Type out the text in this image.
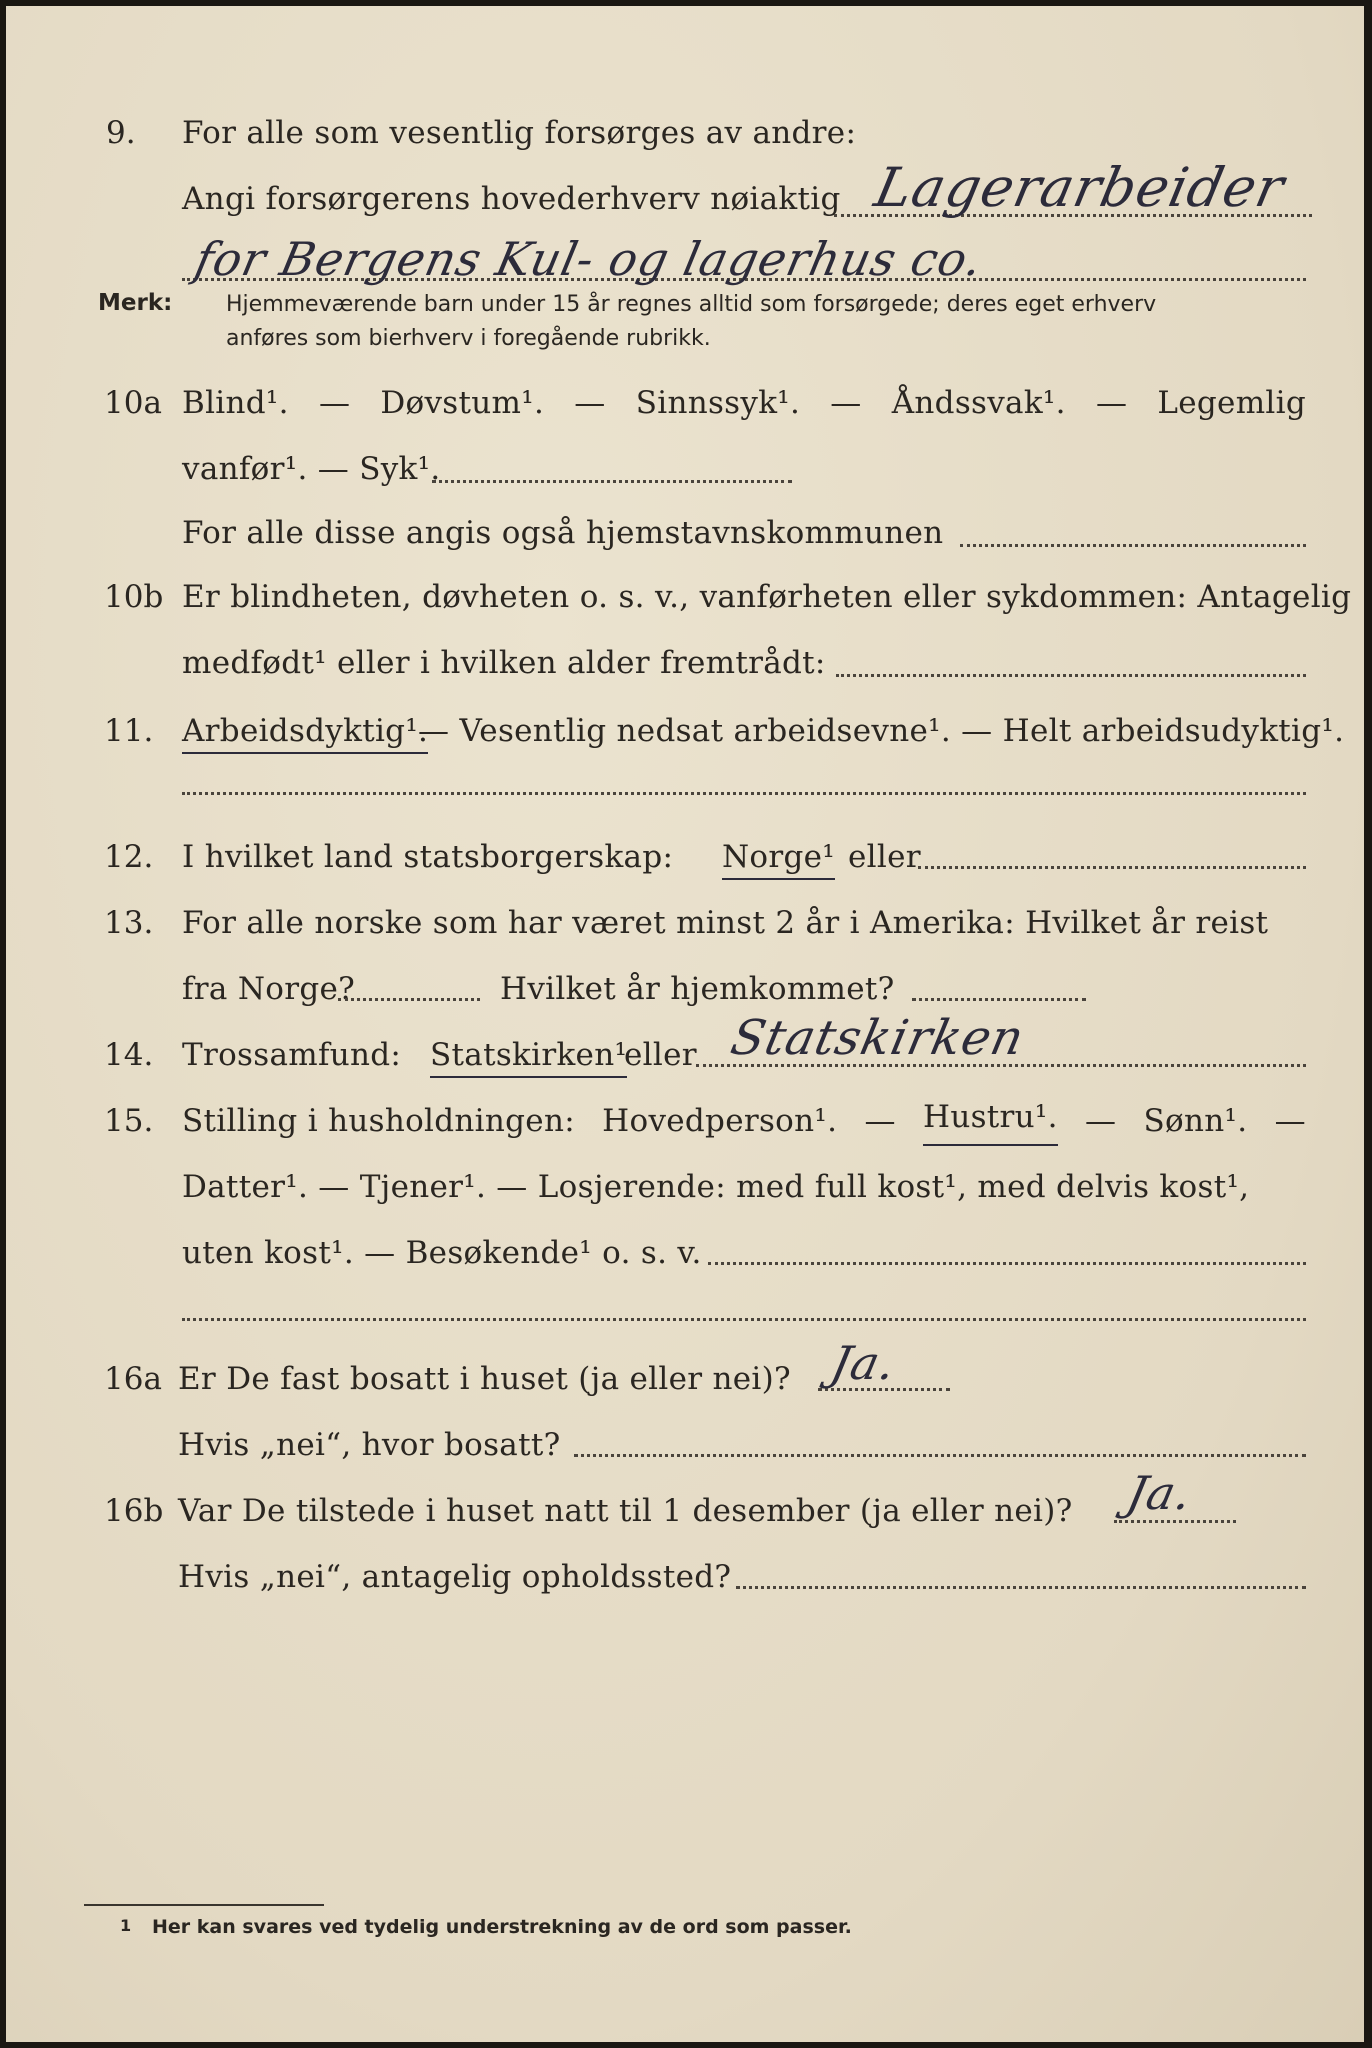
9.	For alle som vesentlig forsørges av andre:
Angi forsørgerens hovederhverv nøiaktig Lagerarbeider
for Bergens Kul- og lagerhus co.
Merk: Hjemmeværende barn under 15 år regnes alltid som forsørgede; deres eget erhverv
anføres som bierhverv i foregående rubrikk.
10a Blind¹. — Døvstum¹. — Sinnssyk¹. — Åndssvak¹. — Legemlig
vanfør¹. — Syk¹.
For alle disse angis også hjemstavnskommunen
10b Er blindheten, døvheten o. s. v., vanførheten eller sykdommen: Antagelig
medfødt¹ eller i hvilken alder fremtrådt:
11. Arbeidsdyktig¹.
— Vesentlig nedsat arbeidsevne¹. — Helt arbeidsudyktig¹.
12. I hvilket land statsborgerskap: Norge¹ eller
13. For alle norske som har været minst 2 år i Amerika: Hvilket år reist
fra Norge?	Hvilket år hjemkommet?
14. Trossamfund: Statskirken¹
eller Statskirken
15. Stilling i husholdningen: Hovedperson¹. — Hustru¹. — Sønn¹. —
Datter¹. — Tjener¹. — Losjerende: med full kost¹, med delvis kost¹,
uten kost¹. — Besøkende¹ o. s. v.
16a Er De fast bosatt i huset (ja eller nei)? Ja.
Hvis „nei“, hvor bosatt?
16b Var De tilstede i huset natt til 1 desember (ja eller nei)? Ja.
Hvis „nei“, antagelig opholdssted?
1 Her kan svares ved tydelig understrekning av de ord som passer.
